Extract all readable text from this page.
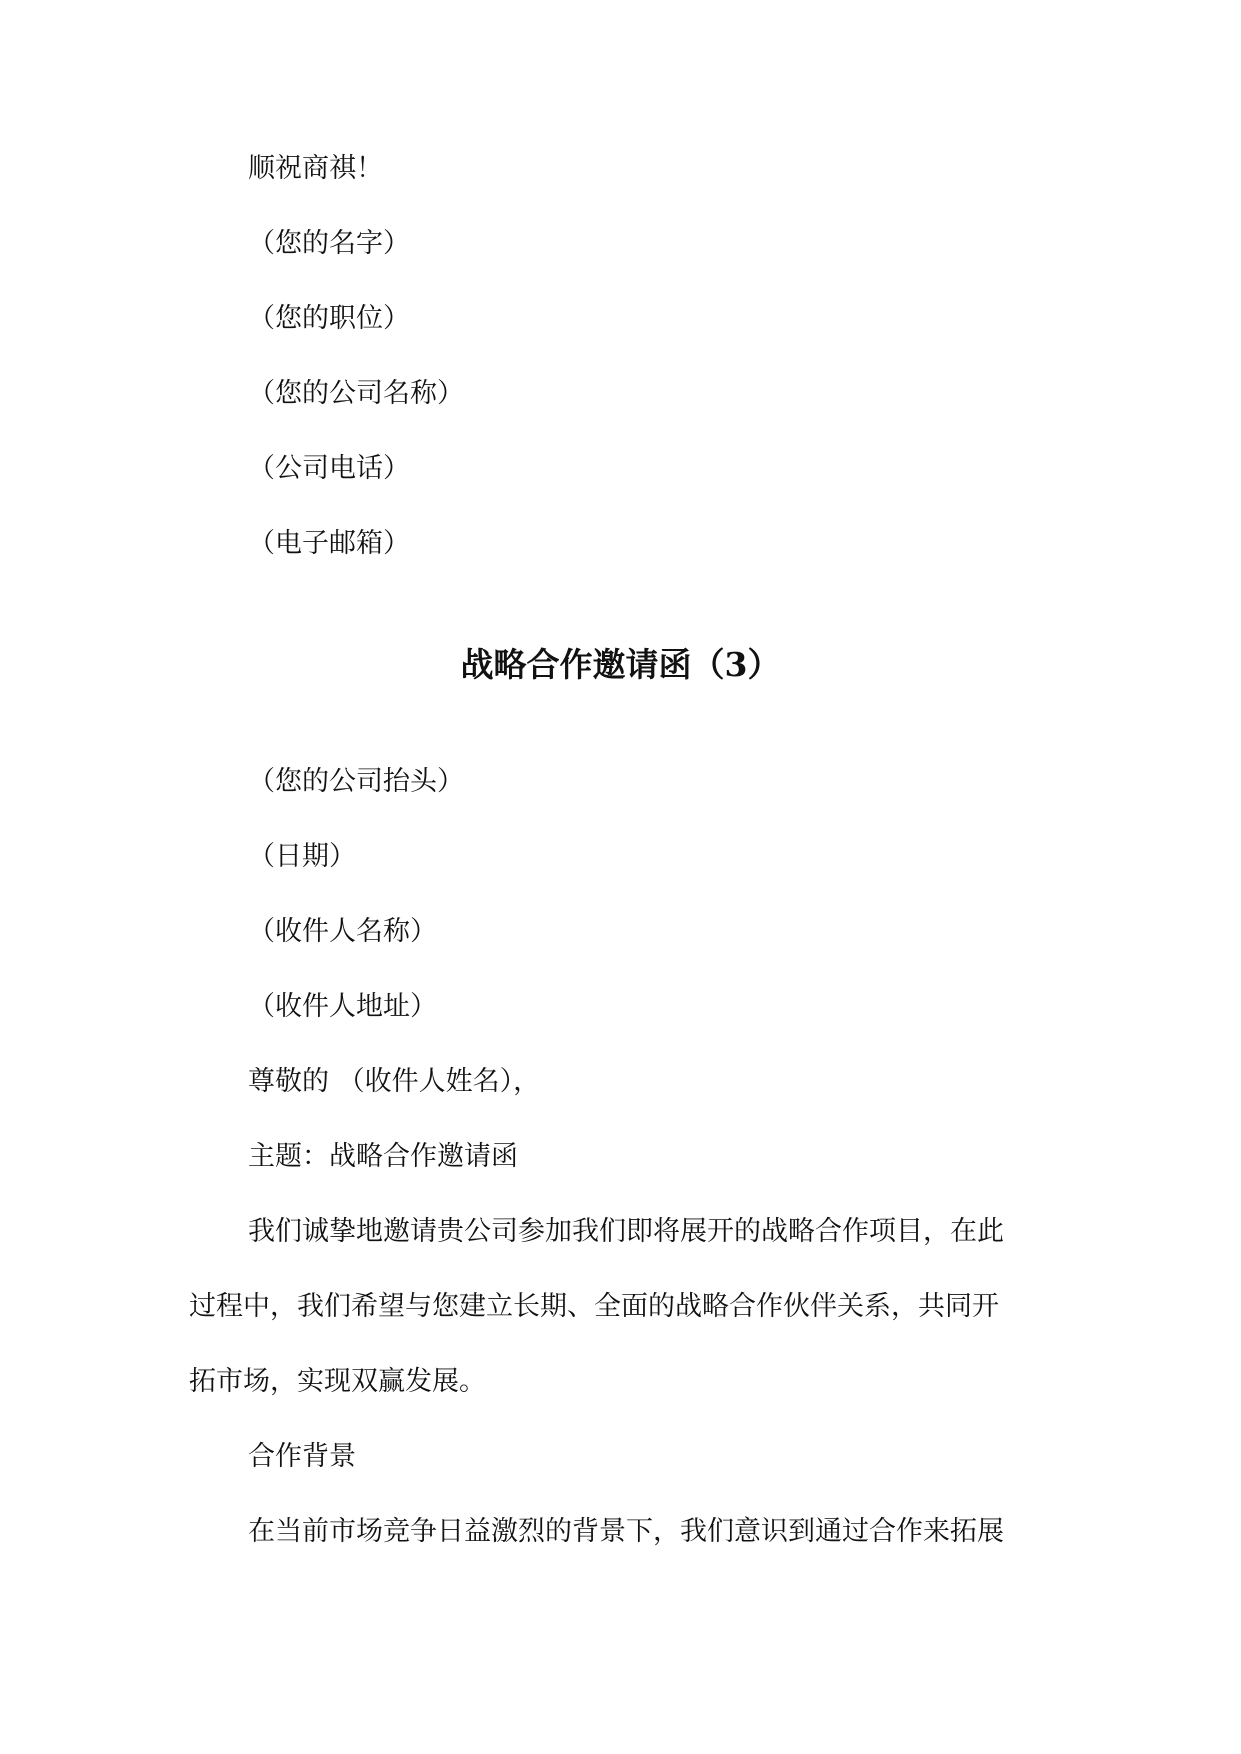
顺祝商祺！
（您的名字）
（您的职位）
（您的公司名称）
（公司电话）
（电子邮箱）
战略合作邀请函（3）
（您的公司抬头）
（日期）
（收件人名称）
（收件人地址）
尊敬的 （收件人姓名），
主题：战略合作邀请函
我们诚挚地邀请贵公司参加我们即将展开的战略合作项目，在此
过程中，我们希望与您建立长期、全面的战略合作伙伴关系，共同开
拓市场，实现双赢发展。
合作背景
在当前市场竞争日益激烈的背景下，我们意识到通过合作来拓展
